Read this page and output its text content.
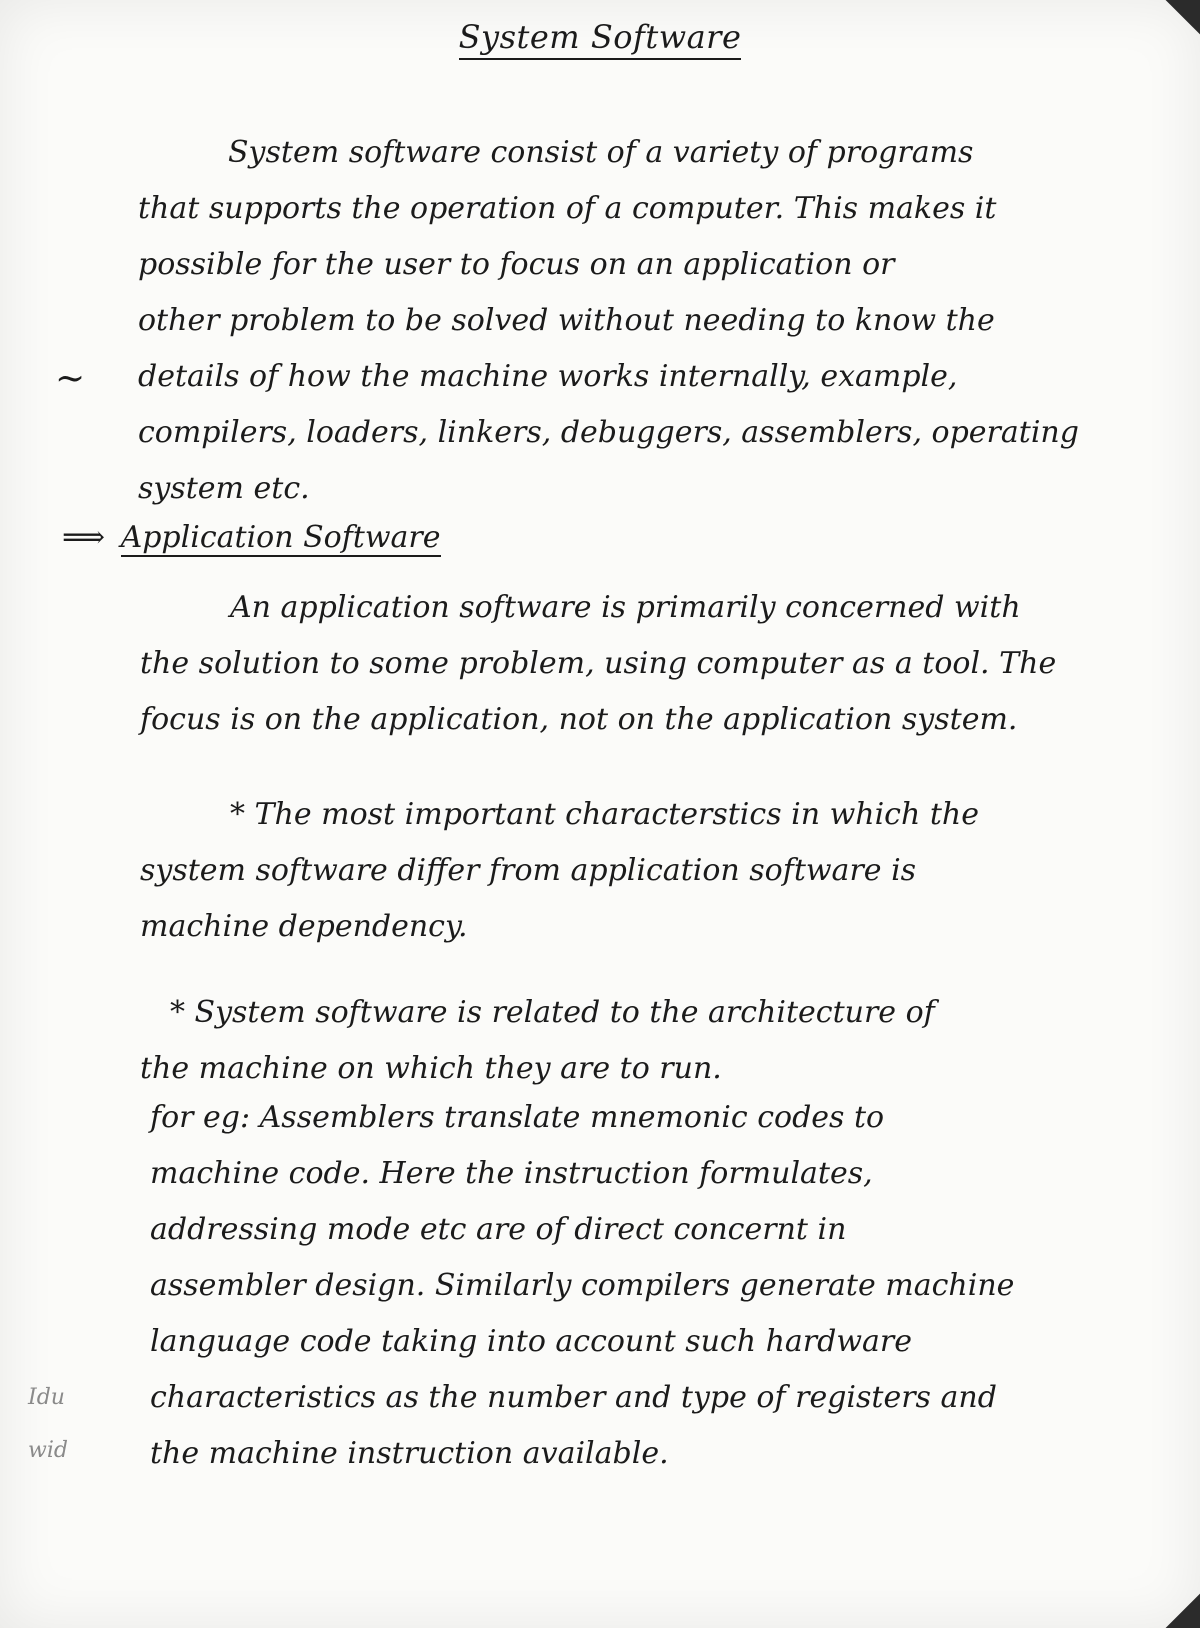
System Software
System software consist of a variety of programs
that supports the operation of a computer. This makes it
possible for the user to focus on an application or
other problem to be solved without needing to know the
details of how the machine works internally, example,
compilers, loaders, linkers, debuggers, assemblers, operating
system etc.
~
⟹ Application Software
An application software is primarily concerned with
the solution to some problem, using computer as a tool. The
focus is on the application, not on the application system.
* The most important characterstics in which the
system software differ from application software is
machine dependency.
* System software is related to the architecture of
the machine on which they are to run.
for eg: Assemblers translate mnemonic codes to
machine code. Here the instruction formulates,
addressing mode etc are of direct concernt in
assembler design. Similarly compilers generate machine
language code taking into account such hardware
characteristics as the number and type of registers and
the machine instruction available.
Idu
wid
